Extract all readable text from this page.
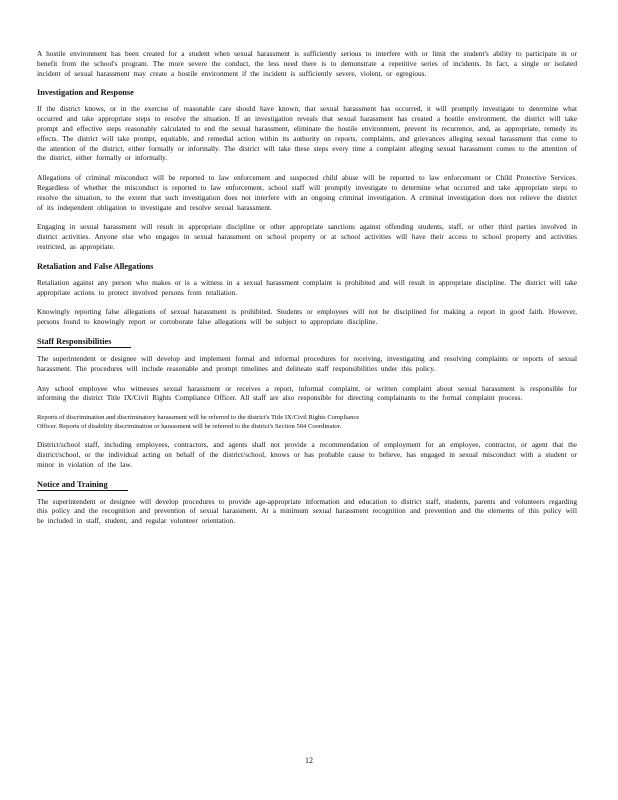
A hostile environment has been created for a student when sexual harassment is sufficiently serious to interfere with or limit the student's ability to participate in or benefit from the school's program. The more severe the conduct, the less need there is to demonstrate a repetitive series of incidents. In fact, a single or isolated incident of sexual harassment may create a hostile environment if the incident is sufficiently severe, violent, or egregious.

Investigation and Response

If the district knows, or in the exercise of reasonable care should have known, that sexual harassment has occurred, it will promptly investigate to determine what occurred and take appropriate steps to resolve the situation. If an investigation reveals that sexual harassment has created a hostile environment, the district will take prompt and effective steps reasonably calculated to end the sexual harassment, eliminate the hostile environment, prevent its recurrence, and, as appropriate, remedy its effects. The district will take prompt, equitable, and remedial action within its authority on reports, complaints, and grievances alleging sexual harassment that come to the attention of the district, either formally or informally. The district will take these steps every time a complaint alleging sexual harassment comes to the attention of the district, either formally or informally.

Allegations of criminal misconduct will be reported to law enforcement and suspected child abuse will be reported to law enforcement or Child Protective Services. Regardless of whether the misconduct is reported to law enforcement, school staff will promptly investigate to determine what occurred and take appropriate steps to resolve the situation, to the extent that such investigation does not interfere with an ongoing criminal investigation. A criminal investigation does not relieve the district of its independent obligation to investigate and resolve sexual harassment.

Engaging in sexual harassment will result in appropriate discipline or other appropriate sanctions against offending students, staff, or other third parties involved in district activities. Anyone else who engages in sexual harassment on school property or at school activities will have their access to school property and activities restricted, as appropriate.

Retaliation and False Allegations

Retaliation against any person who makes or is a witness in a sexual harassment complaint is prohibited and will result in appropriate discipline. The district will take appropriate actions to protect involved persons from retaliation.

Knowingly reporting false allegations of sexual harassment is prohibited. Students or employees will not be disciplined for making a report in good faith. However, persons found to knowingly report or corroborate false allegations will be subject to appropriate discipline.

Staff Responsibilities

The superintendent or designee will develop and implement formal and informal procedures for receiving, investigating and resolving complaints or reports of sexual harassment. The procedures will include reasonable and prompt timelines and delineate staff responsibilities under this policy.

Any school employee who witnesses sexual harassment or receives a report, informal complaint, or written complaint about sexual harassment is responsible for informing the district Title IX/Civil Rights Compliance Officer. All staff are also responsible for directing complainants to the formal complaint process.

Reports of discrimination and discriminatory harassment will be referred to the district's Title IX/Civil Rights Compliance
Officer. Reports of disability discrimination or harassment will be referred to the district's Section 504 Coordinator.

District/school staff, including employees, contractors, and agents shall not provide a recommendation of employment for an employee, contractor, or agent that the district/school, or the individual acting on behalf of the district/school, knows or has probable cause to believe, has engaged in sexual misconduct with a student or minor in violation of the law.

Notice and Training

The superintendent or designee will develop procedures to provide age-appropriate information and education to district staff, students, parents and volunteers regarding this policy and the recognition and prevention of sexual harassment. At a minimum sexual harassment recognition and prevention and the elements of this policy will be included in staff, student, and regular volunteer orientation.

12
